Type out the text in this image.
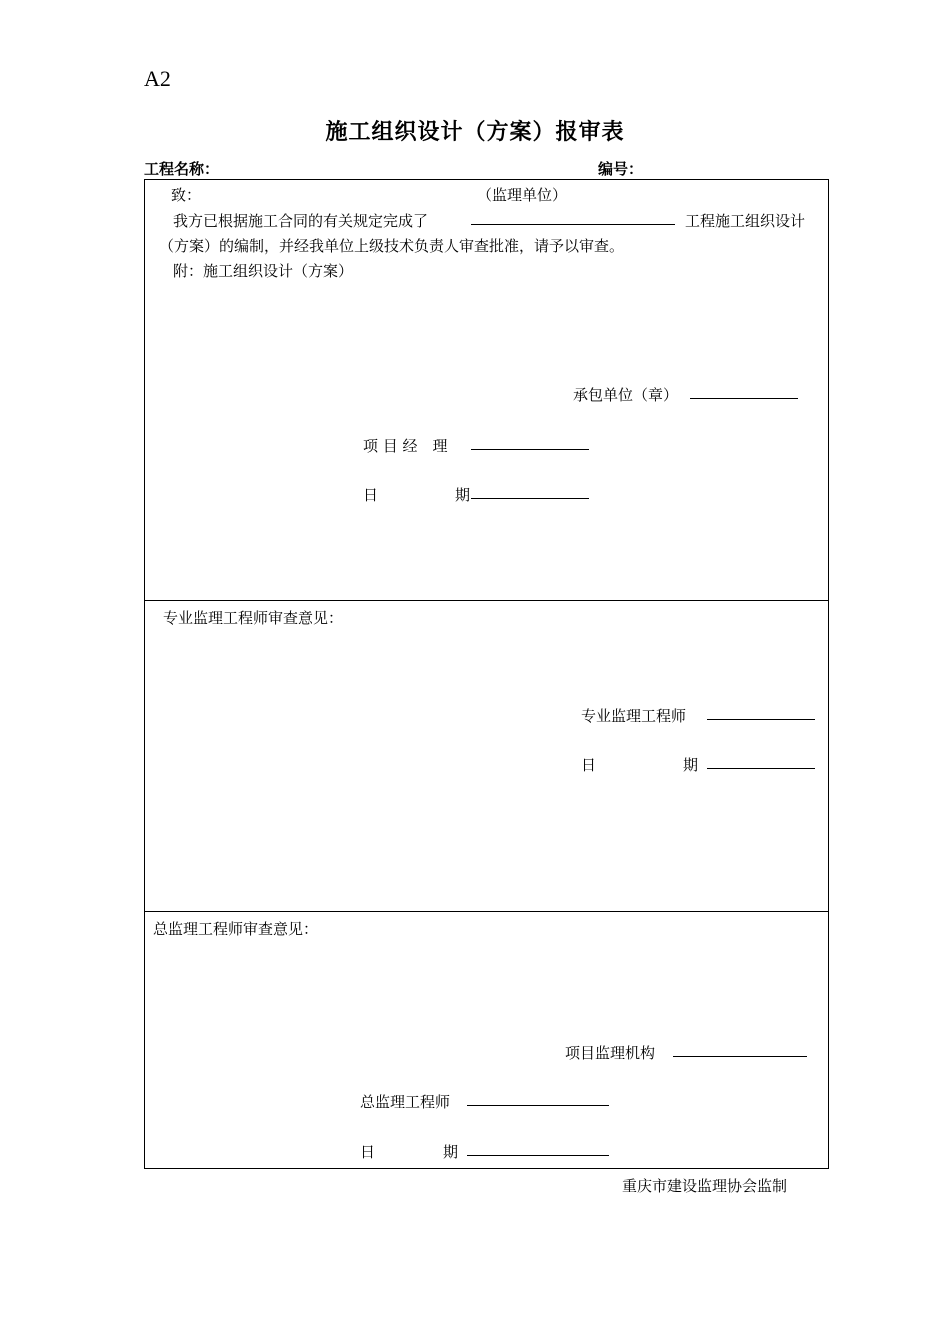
A2
施工组织设计（方案）报审表
工程名称：	编号：
致：	（监理单位）
我方已根据施工合同的有关规定完成了	工程施工组织设计
（方案）的编制，并经我单位上级技术负责人审查批准，请予以审查。
附：施工组织设计（方案）
承包单位（章）
项 目 经　理
日	期
专业监理工程师审查意见：
专业监理工程师
日	期
总监理工程师审查意见：
项目监理机构
总监理工程师
日	期
重庆市建设监理协会监制
